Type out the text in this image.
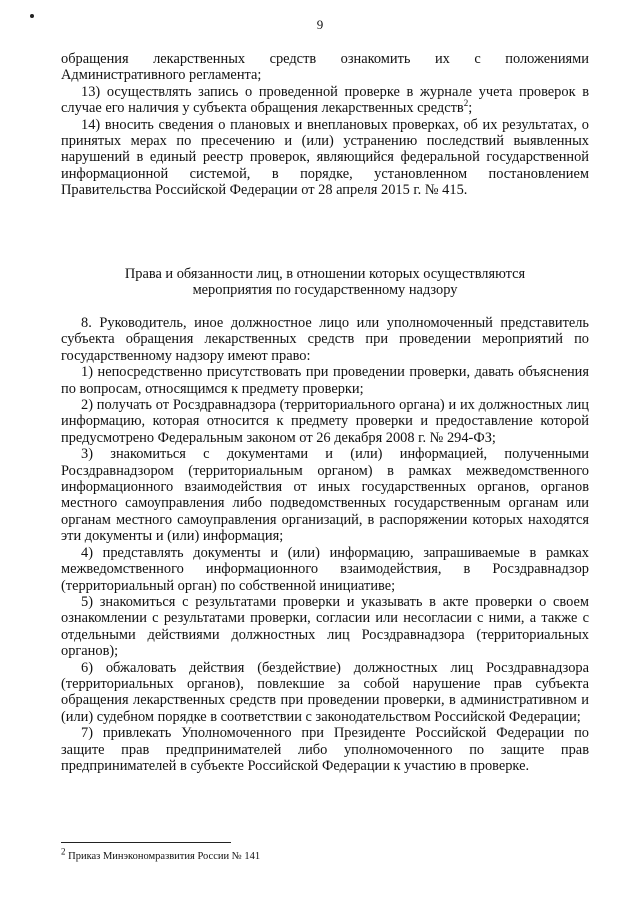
9

обращения лекарственных средств ознакомить их с положениями Административного регламента;

13) осуществлять запись о проведенной проверке в журнале учета проверок в случае его наличия у субъекта обращения лекарственных средств$^2$;

14) вносить сведения о плановых и внеплановых проверках, об их результатах, о принятых мерах по пресечению и (или) устранению последствий выявленных нарушений в единый реестр проверок, являющийся федеральной государственной информационной системой, в порядке, установленном постановлением Правительства Российской Федерации от 28 апреля 2015 г. № 415.

Права и обязанности лиц, в отношении которых осуществляются

мероприятия по государственному надзору

8. Руководитель, иное должностное лицо или уполномоченный представитель субъекта обращения лекарственных средств при проведении мероприятий по государственному надзору имеют право:

1) непосредственно присутствовать при проведении проверки, давать объяснения по вопросам, относящимся к предмету проверки;

2) получать от Росздравнадзора (территориального органа) и их должностных лиц информацию, которая относится к предмету проверки и предоставление которой предусмотрено Федеральным законом от 26 декабря 2008 г. № 294-ФЗ;

3) знакомиться с документами и (или) информацией, полученными Росздравнадзором (территориальным органом) в рамках межведомственного информационного взаимодействия от иных государственных органов, органов местного самоуправления либо подведомственных государственным органам или органам местного самоуправления организаций, в распоряжении которых находятся эти документы и (или) информация;

4) представлять документы и (или) информацию, запрашиваемые в рамках межведомственного информационного взаимодействия, в Росздравнадзор (территориальный орган) по собственной инициативе;

5) знакомиться с результатами проверки и указывать в акте проверки о своем ознакомлении с результатами проверки, согласии или несогласии с ними, а также с отдельными действиями должностных лиц Росздравнадзора (территориальных органов);

6) обжаловать действия (бездействие) должностных лиц Росздравнадзора (территориальных органов), повлекшие за собой нарушение прав субъекта обращения лекарственных средств при проведении проверки, в административном и (или) судебном порядке в соответствии с законодательством Российской Федерации;

7) привлекать Уполномоченного при Президенте Российской Федерации по защите прав предпринимателей либо уполномоченного по защите прав предпринимателей в субъекте Российской Федерации к участию в проверке.

$^2$ Приказ Минэкономразвития России № 141
